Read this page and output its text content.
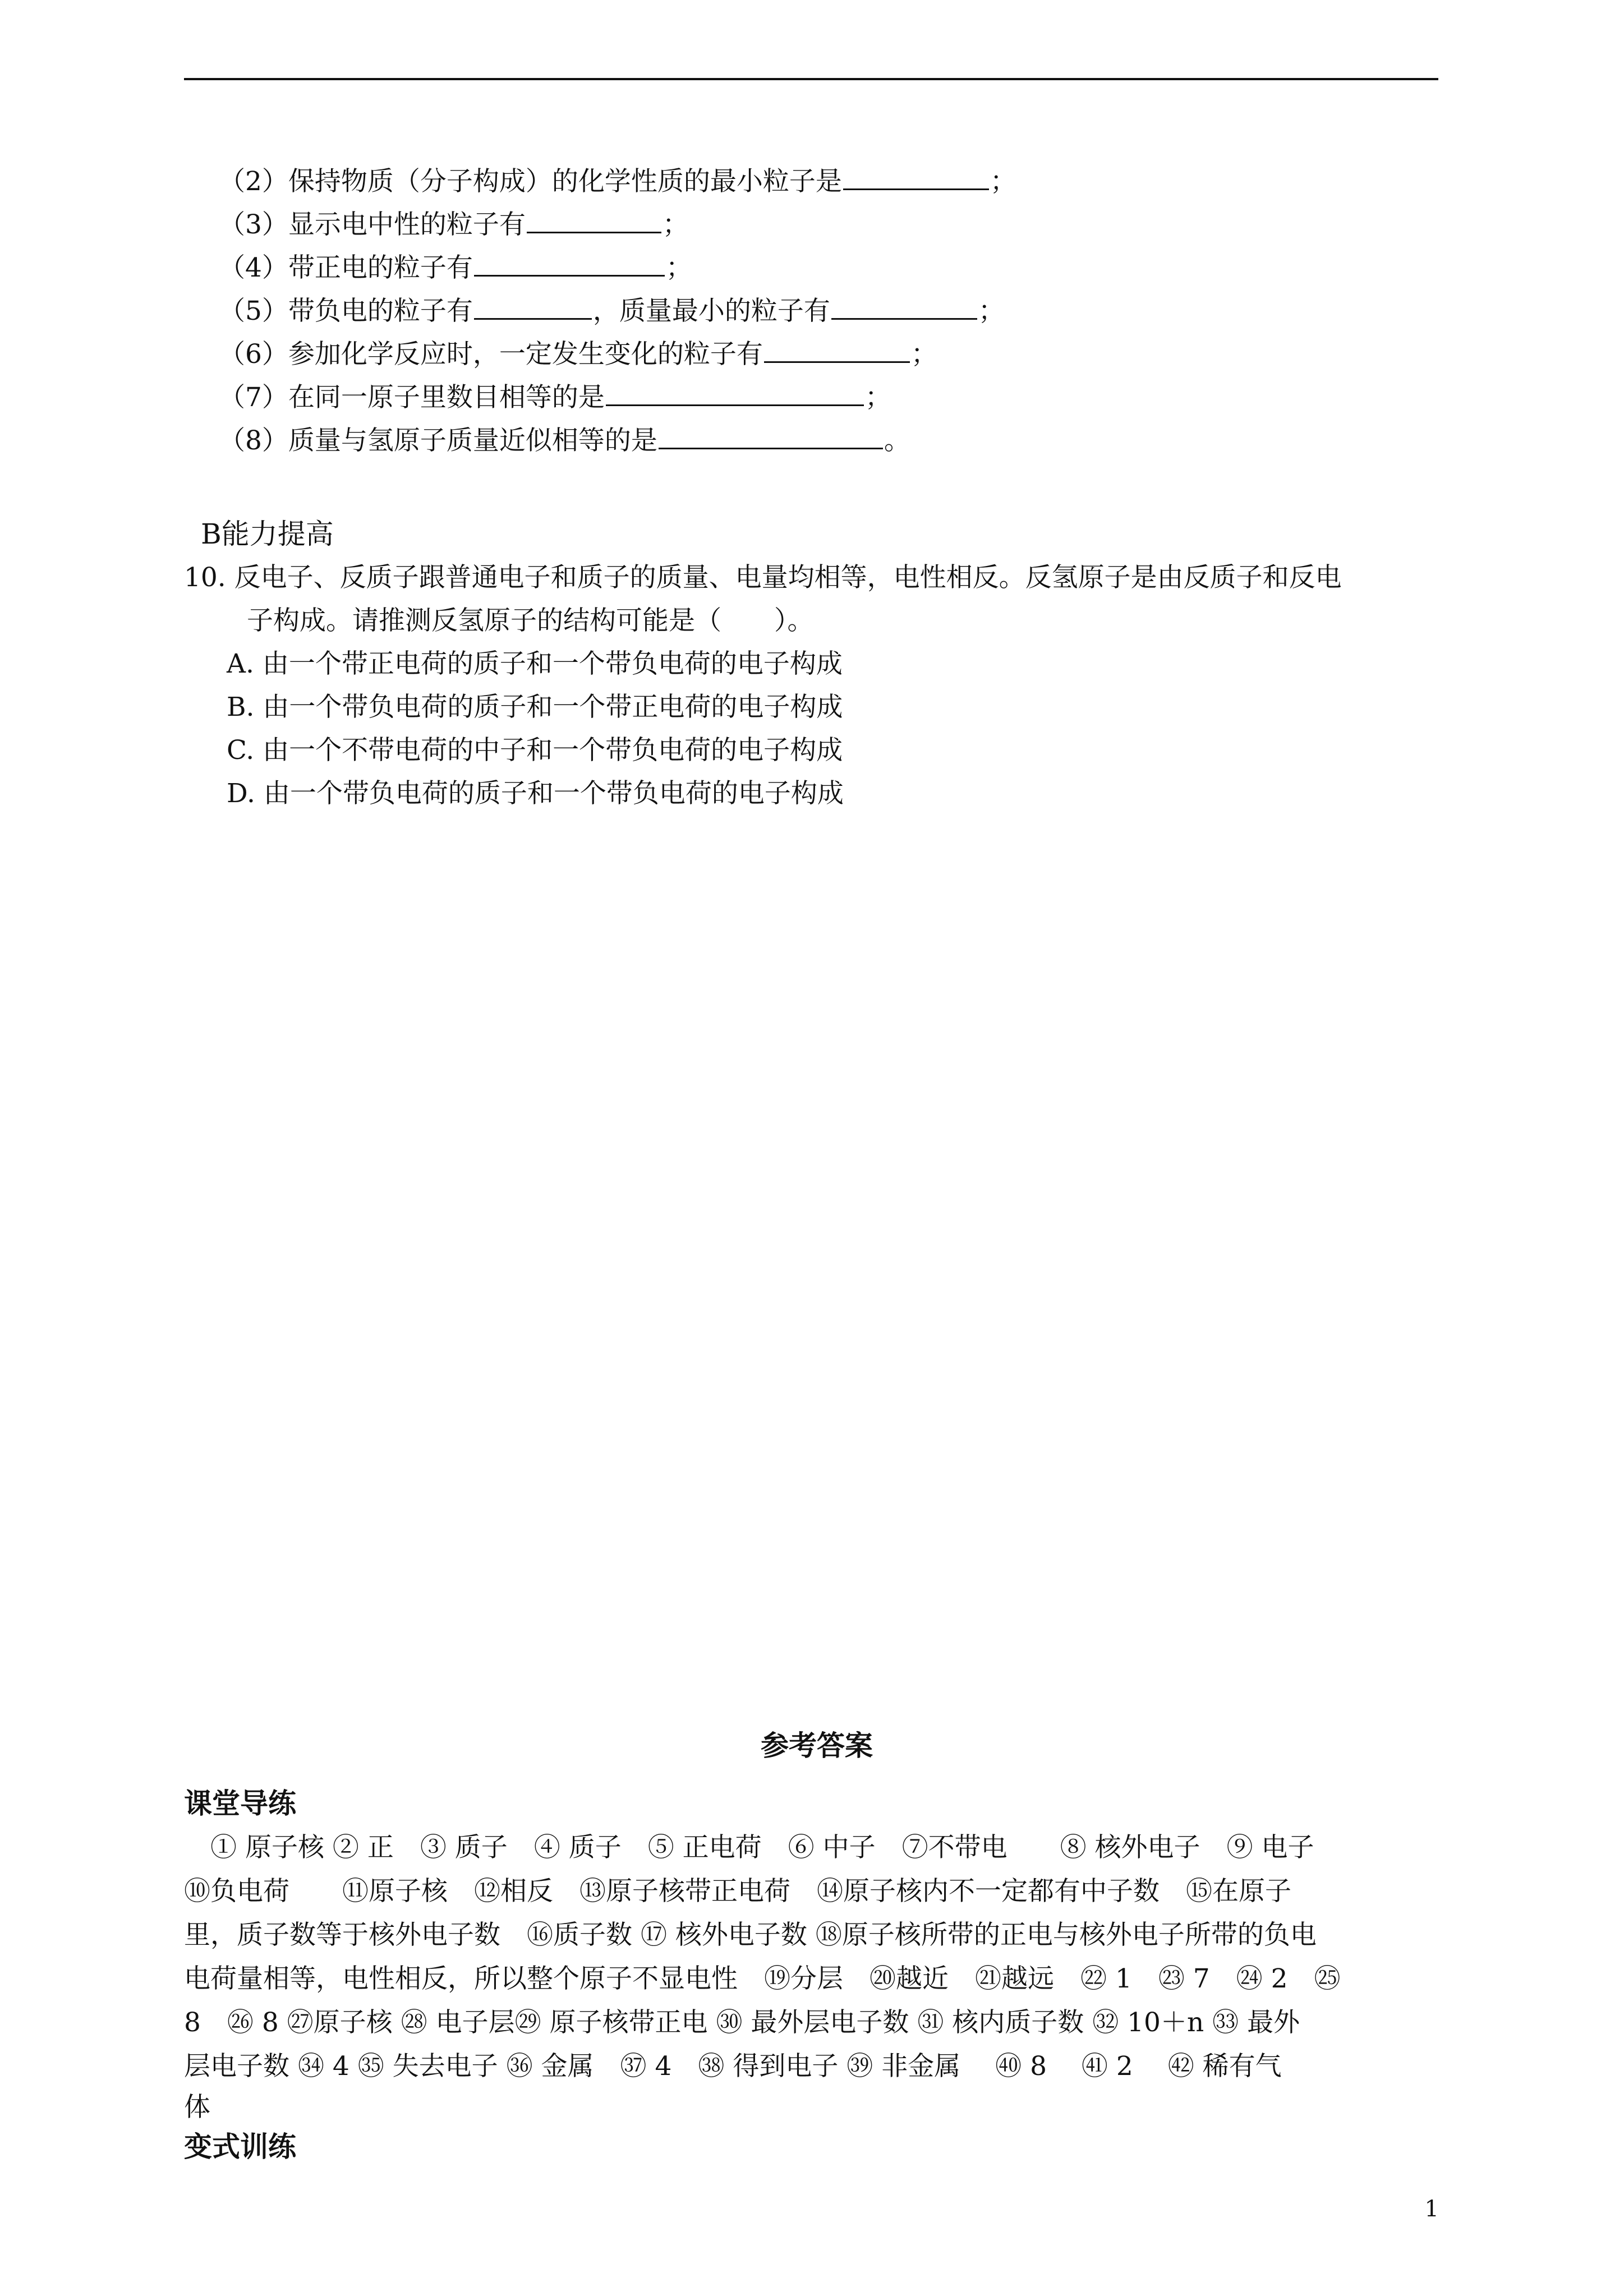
（2）保持物质（分子构成）的化学性质的最小粒子是	；
（3）显示电中性的粒子有	；
（4）带正电的粒子有	；
（5）带负电的粒子有	，质量最小的粒子有	；
（6）参加化学反应时，一定发生变化的粒子有	；
（7）在同一原子里数目相等的是	；
（8）质量与氢原子质量近似相等的是	。
B能力提高
10. 反电子、反质子跟普通电子和质子的质量、电量均相等，电性相反。反氢原子是由反质子和反电
子构成。请推测反氢原子的结构可能是（　　）。
A. 由一个带正电荷的质子和一个带负电荷的电子构成
B. 由一个带负电荷的质子和一个带正电荷的电子构成
C. 由一个不带电荷的中子和一个带负电荷的电子构成
D. 由一个带负电荷的质子和一个带负电荷的电子构成
参考答案
课堂导练
　① 原子核 ② 正　③ 质子　④ 质子　⑤ 正电荷　⑥ 中子　⑦不带电　　⑧ 核外电子　⑨ 电子
⑩负电荷　　⑪原子核　⑫相反　⑬原子核带正电荷　⑭原子核内不一定都有中子数　⑮在原子
里，质子数等于核外电子数　⑯质子数 ⑰ 核外电子数 ⑱原子核所带的正电与核外电子所带的负电
电荷量相等，电性相反，所以整个原子不显电性　⑲分层　⑳越近　㉑越远　㉒ 1　㉓ 7　㉔ 2　㉕
8　㉖ 8 ㉗原子核 ㉘ 电子层㉙ 原子核带正电 ㉚ 最外层电子数 ㉛ 核内质子数 ㉜ 10＋n ㉝ 最外
层电子数 ㉞ 4 ㉟ 失去电子 ㊱ 金属　㊲ 4　㊳ 得到电子 ㊴ 非金属　 ㊵ 8　 ㊶ 2　 ㊷ 稀有气
体
变式训练
1
